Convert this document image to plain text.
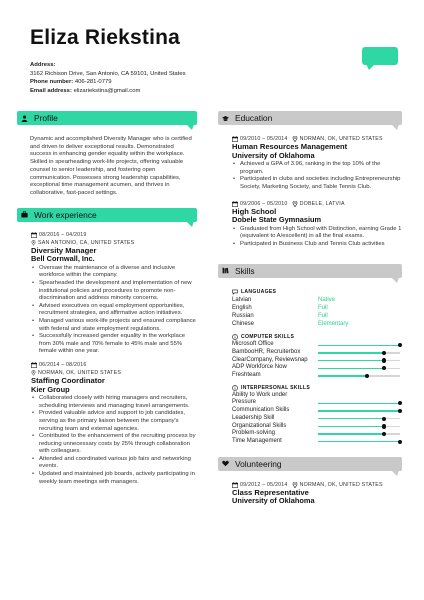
Eliza Riekstina
Address:
3162 Richison Drive, San Antonio, CA 59101, United States
Phone number: 406-281-0779
Email address: elizariekstina@gmail.com
Profile
Dynamic and accomplished Diversity Manager who is certified and driven to deliver exceptional results. Demonstrated success in enhancing gender equality within the workplace. Skilled in spearheading work-life projects, offering valuable counsel to senior leadership, and fostering open communication. Possesses strong leadership capabilities, exceptional time management acumen, and thrives in collaborative, fast-paced settings.
Work experience
08/2016 – 04/2019
SAN ANTONIO, CA, UNITED STATES
Diversity Manager
Bell Cornwall, Inc.
• Oversaw the maintenance of a diverse and inclusive workforce within the company.
• Spearheaded the development and implementation of new institutional policies and procedures to promote non-discrimination and address minority concerns.
• Advised executives on equal employment opportunities, recruitment strategies, and affirmative action initiatives.
• Managed various work-life projects and ensured compliance with federal and state employment regulations.
• Successfully increased gender equality in the workplace from 30% male and 70% female to 45% male and 55% female within one year.
06/2014 – 08/2016
NORMAN, OK, UNITED STATES
Staffing Coordinator
Kier Group
• Collaborated closely with hiring managers and recruiters, scheduling interviews and managing travel arrangements.
• Provided valuable advice and support to job candidates, serving as the primary liaison between the company's recruiting team and external agencies.
• Contributed to the enhancement of the recruiting process by reducing unnecessary costs by 25% through collaboration with colleagues.
• Attended and coordinated various job fairs and networking events.
• Updated and maintained job boards, actively participating in weekly team meetings with managers.
Education
09/2010 – 05/2014 NORMAN, OK, UNITED STATES
Human Resources Management
University of Oklahoma
• Achieved a GPA of 3.96, ranking in the top 10% of the program.
• Participated in clubs and societies including Entrepreneurship Society, Marketing Society, and Table Tennis Club.
09/2006 – 05/2010 DOBELE, LATVIA
High School
Dobele State Gymnasium
• Graduated from High School with Distinction, earning Grade 1 (equivalent to A/excellent) in all the final exams.
• Participated in Business Club and Tennis Club activities
Skills
LANGUAGES
Latvian	Native
English	Full
Russian	Full
Chinese	Elementary
COMPUTER SKILLS
Microsoft Office
BambooHR, Recruiterbox
ClearCompany, Reviewsnap
ADP Workforce Now
Freshteam
INTERPERSONAL SKILLS
Ability to Work under
Pressure
Communication Skills
Leadership Skill
Organizational Skills
Problem-solving
Time Management
Volunteering
09/2012 – 05/2014 NORMAN, OK, UNITED STATES
Class Representative
University of Oklahoma
